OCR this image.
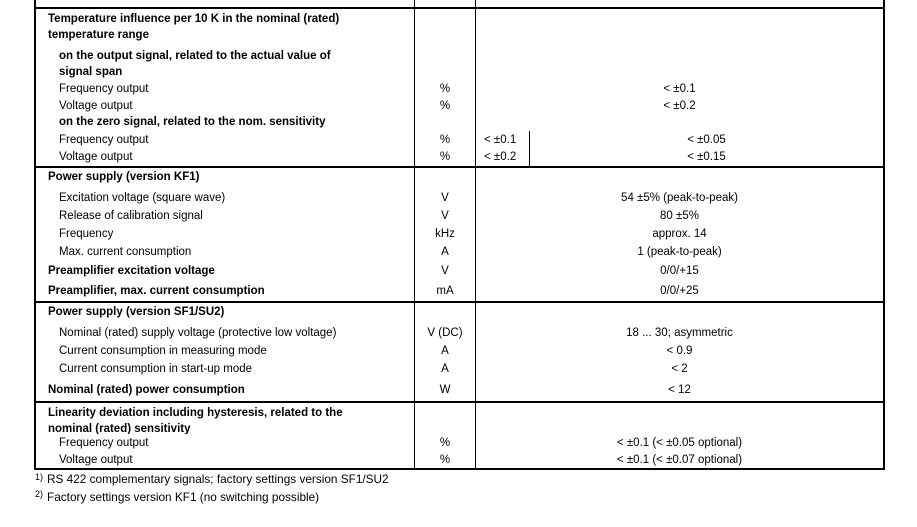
Temperature influence per 10 K in the nominal (rated)
temperature range
on the output signal, related to the actual value of
signal span
Frequency output	%	< ±0.1
Voltage output	%	< ±0.2
on the zero signal, related to the nom. sensitivity
Frequency output	%	< ±0.1	< ±0.05
Voltage output	%	< ±0.2	< ±0.15
Power supply (version KF1)
Excitation voltage (square wave)	V	54 ±5% (peak-to-peak)
Release of calibration signal	V	80 ±5%
Frequency	kHz	approx. 14
Max. current consumption	A	1 (peak-to-peak)
Preamplifier excitation voltage	V	0/0/+15
Preamplifier, max. current consumption	mA	0/0/+25
Power supply (version SF1/SU2)
Nominal (rated) supply voltage (protective low voltage)	V (DC)	18 ... 30; asymmetric
Current consumption in measuring mode	A	< 0.9
Current consumption in start-up mode	A	< 2
Nominal (rated) power consumption	W	< 12
Linearity deviation including hysteresis, related to the
nominal (rated) sensitivity
Frequency output	%	< ±0.1 (< ±0.05 optional)
Voltage output	%	< ±0.1 (< ±0.07 optional)
$^{1)}$ RS 422 complementary signals; factory settings version SF1/SU2
$^{2)}$ Factory settings version KF1 (no switching possible)
